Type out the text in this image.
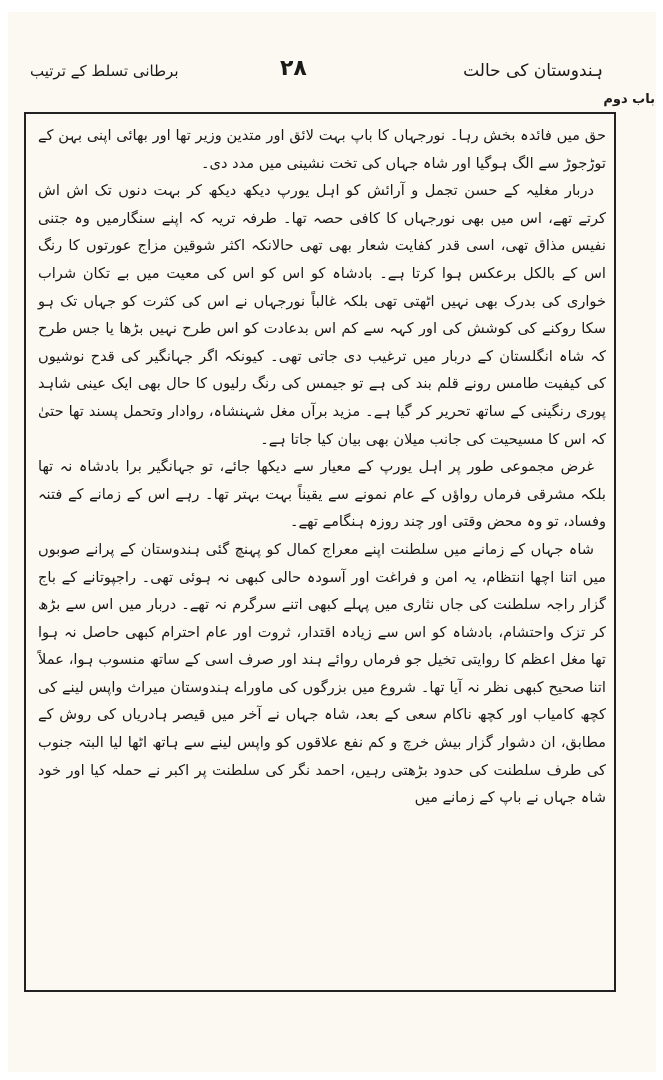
برطانی تسلط کے ترتیب	۲۸	ہندوستان کی حالت
باب دوم

حق میں فائدہ بخش رہا۔ نورجہاں کا باپ بہت لائق اور متدین وزیر تھا اور بھائی اپنی بہن کے توڑجوڑ سے الگ ہوگیا اور شاہ جہاں کی تخت نشینی میں مدد دی۔

دربار مغلیہ کے حسن تجمل و آرائش کو اہل یورپ دیکھ دیکھ کر بہت دنوں تک اش اش کرتے تھے، اس میں بھی نورجہاں کا کافی حصہ تھا۔ طرفہ تریہ کہ اپنے سنگارمیں وہ جتنی نفیس مذاق تھی، اسی قدر کفایت شعار بھی تھی حالانکہ اکثر شوقین مزاج عورتوں کا رنگ اس کے بالکل برعکس ہوا کرتا ہے۔ بادشاہ کو اس کو اس کی معیت میں بے تکان شراب خواری کی بدرک بھی نہیں اٹھتی تھی بلکہ غالباً نورجہاں نے اس کی کثرت کو جہاں تک ہو سکا روکنے کی کوشش کی اور کہہ سے کم اس بدعادت کو اس طرح نہیں بڑھا یا جس طرح کہ شاہ انگلستان کے دربار میں ترغیب دی جاتی تھی۔ کیونکہ اگر جہانگیر کی قدح نوشیوں کی کیفیت طامس رونے قلم بند کی ہے تو جیمس کی رنگ رلیوں کا حال بھی ایک عینی شاہد پوری رنگینی کے ساتھ تحریر کر گیا ہے۔ مزید برآں مغل شہنشاہ، روادار وتحمل پسند تھا حتیٰ کہ اس کا مسیحیت کی جانب میلان بھی بیان کیا جاتا ہے۔

غرض مجموعی طور پر اہل یورپ کے معیار سے دیکھا جائے، تو جہانگیر برا بادشاہ نہ تھا بلکہ مشرقی فرماں رواؤں کے عام نمونے سے یقیناً بہت بہتر تھا۔ رہے اس کے زمانے کے فتنہ وفساد، تو وہ محض وقتی اور چند روزہ ہنگامے تھے۔

شاہ جہاں کے زمانے میں سلطنت اپنے معراج کمال کو پہنچ گئی ہندوستان کے پرانے صوبوں میں اتنا اچھا انتظام، یہ امن و فراغت اور آسودہ حالی کبھی نہ ہوئی تھی۔ راجپوتانے کے باج گزار راجہ سلطنت کی جاں نثاری میں پہلے کبھی اتنے سرگرم نہ تھے۔ دربار میں اس سے بڑھ کر تزک واحتشام، بادشاہ کو اس سے زیادہ اقتدار، ثروت اور عام احترام کبھی حاصل نہ ہوا تھا مغل اعظم کا روایتی تخیل جو فرماں روائے ہند اور صرف اسی کے ساتھ منسوب ہوا، عملاً اتنا صحیح کبھی نظر نہ آیا تھا۔ شروع میں بزرگوں کی ماوراے ہندوستان میراث واپس لینے کی کچھ کامیاب اور کچھ ناکام سعی کے بعد، شاہ جہاں نے آخر میں قیصر ہادریاں کی روش کے مطابق، ان دشوار گزار بیش خرچ و کم نفع علاقوں کو واپس لینے سے ہاتھ اٹھا لیا البتہ جنوب کی طرف سلطنت کی حدود بڑھتی رہیں، احمد نگر کی سلطنت پر اکبر نے حملہ کیا اور خود شاہ جہاں نے باپ کے زمانے میں
